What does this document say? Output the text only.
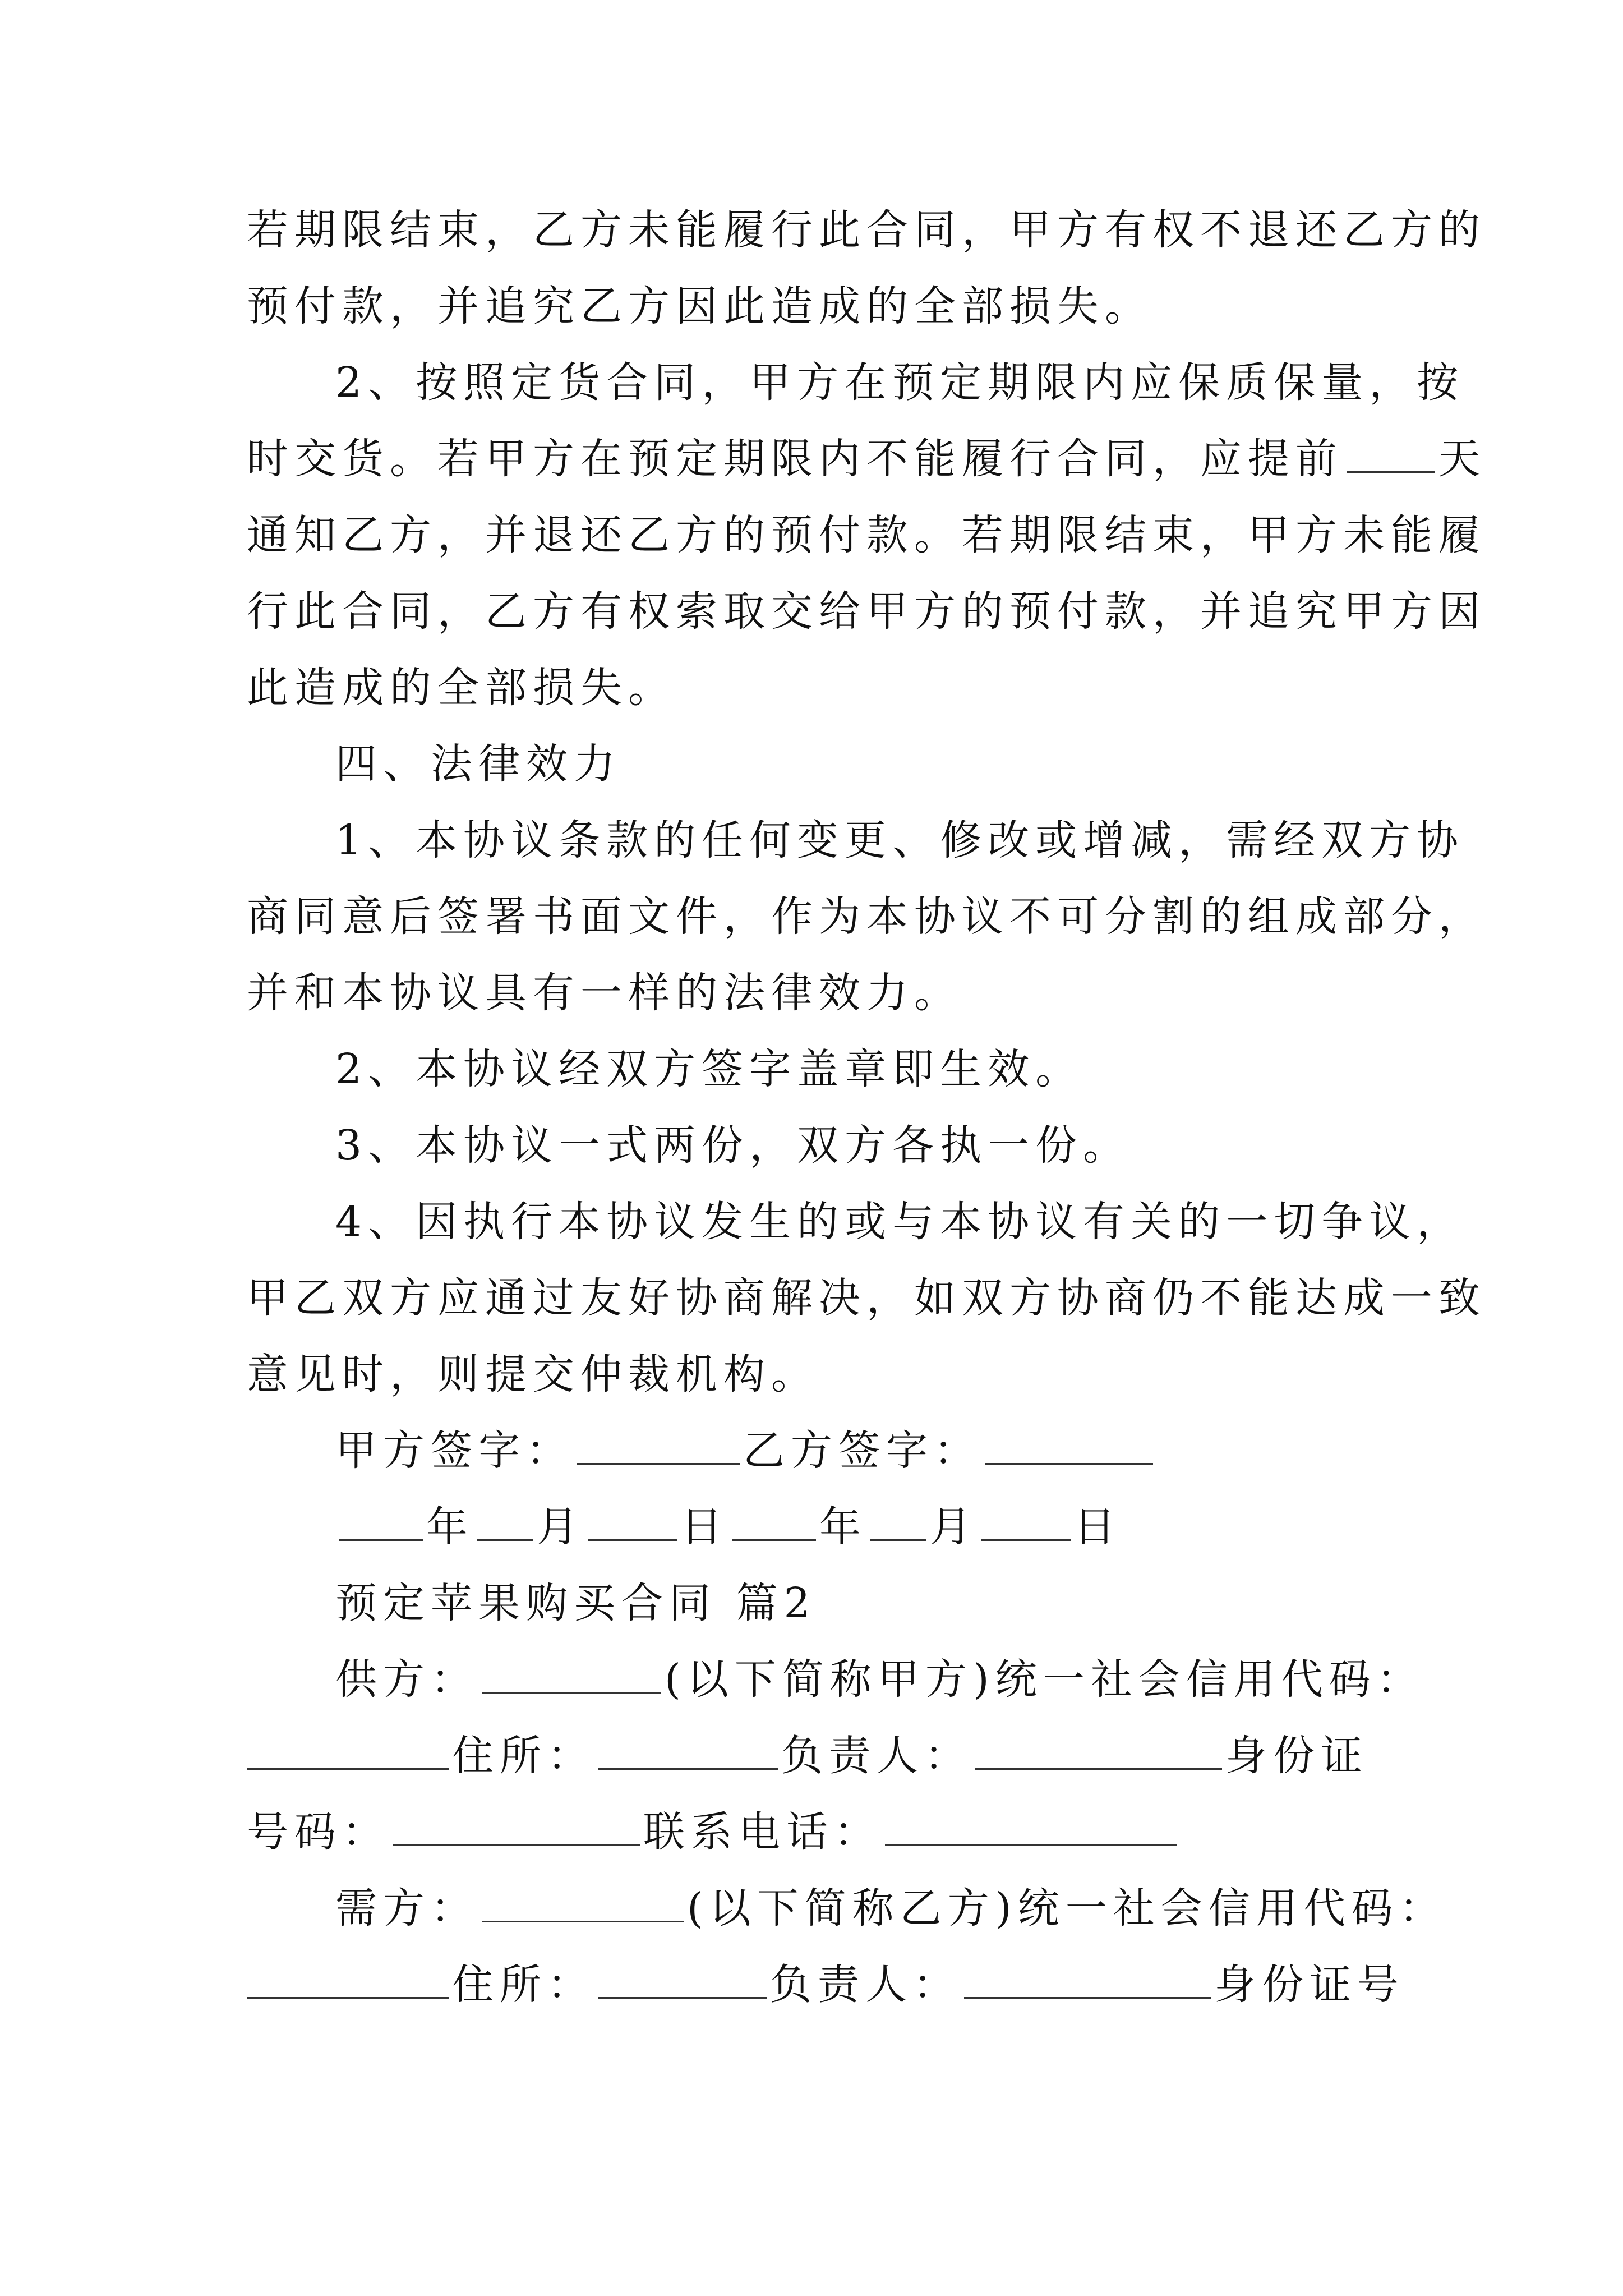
若期限结束，乙方未能履行此合同，甲方有权不退还乙方的

预付款，并追究乙方因此造成的全部损失。

2、按照定货合同，甲方在预定期限内应保质保量，按

时交货。若甲方在预定期限内不能履行合同，应提前 天

通知乙方，并退还乙方的预付款。若期限结束，甲方未能履

行此合同，乙方有权索取交给甲方的预付款，并追究甲方因

此造成的全部损失。

四、法律效力

1、本协议条款的任何变更、修改或增减，需经双方协

商同意后签署书面文件，作为本协议不可分割的组成部分，

并和本协议具有一样的法律效力。

2、本协议经双方签字盖章即生效。

3、本协议一式两份，双方各执一份。

4、因执行本协议发生的或与本协议有关的一切争议，

甲乙双方应通过友好协商解决，如双方协商仍不能达成一致

意见时，则提交仲裁机构。

甲方签字：	乙方签字：

年 月 日 年 月 日

预定苹果购买合同 篇2

供方：	(以下简称甲方)统一社会信用代码：

住所：	负责人：	身份证

号码：	联系电话：

需方：	(以下简称乙方)统一社会信用代码：

住所：	负责人：	身份证号
